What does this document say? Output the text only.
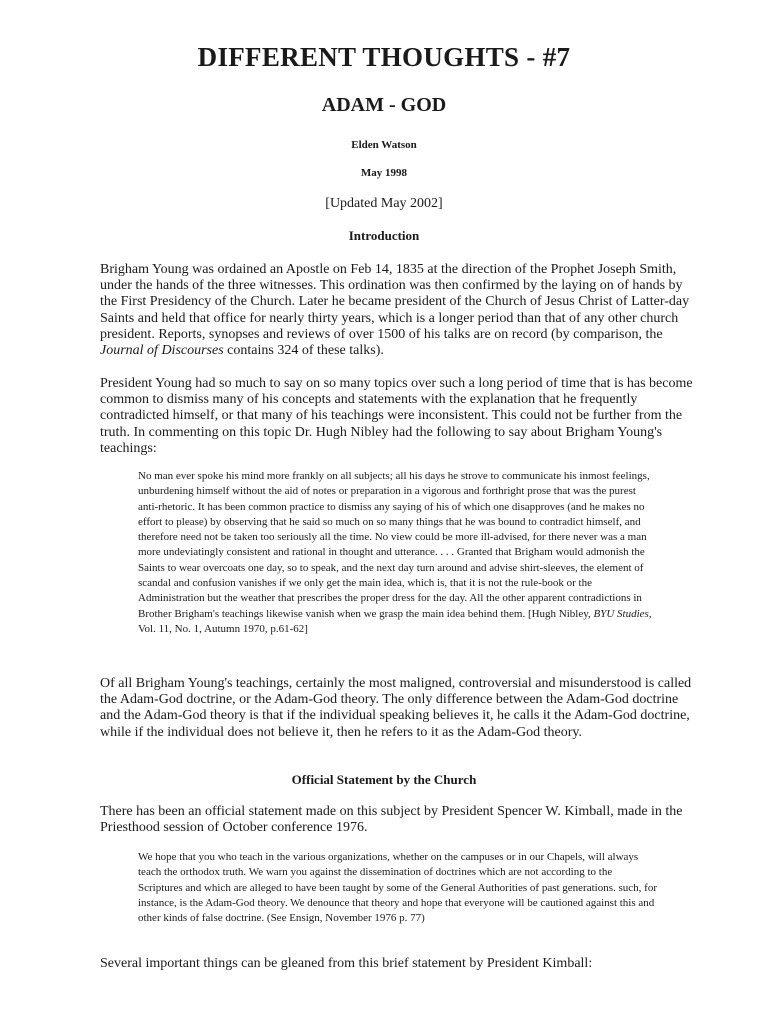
DIFFERENT THOUGHTS - #7
ADAM - GOD
Elden Watson
May 1998
[Updated May 2002]
Introduction

Brigham Young was ordained an Apostle on Feb 14, 1835 at the direction of the Prophet Joseph Smith, under the hands of the three witnesses. This ordination was then confirmed by the laying on of hands by the First Presidency of the Church. Later he became president of the Church of Jesus Christ of Latter-day Saints and held that office for nearly thirty years, which is a longer period than that of any other church president. Reports, synopses and reviews of over 1500 of his talks are on record (by comparison, the Journal of Discourses contains 324 of these talks).

President Young had so much to say on so many topics over such a long period of time that is has become common to dismiss many of his concepts and statements with the explanation that he frequently contradicted himself, or that many of his teachings were inconsistent. This could not be further from the truth. In commenting on this topic Dr. Hugh Nibley had the following to say about Brigham Young's teachings:

No man ever spoke his mind more frankly on all subjects; all his days he strove to communicate his inmost feelings, unburdening himself without the aid of notes or preparation in a vigorous and forthright prose that was the purest anti-rhetoric. It has been common practice to dismiss any saying of his of which one disapproves (and he makes no effort to please) by observing that he said so much on so many things that he was bound to contradict himself, and therefore need not be taken too seriously all the time. No view could be more ill-advised, for there never was a man more undeviatingly consistent and rational in thought and utterance. . . . Granted that Brigham would admonish the Saints to wear overcoats one day, so to speak, and the next day turn around and advise shirt-sleeves, the element of scandal and confusion vanishes if we only get the main idea, which is, that it is not the rule-book or the Administration but the weather that prescribes the proper dress for the day. All the other apparent contradictions in Brother Brigham's teachings likewise vanish when we grasp the main idea behind them. [Hugh Nibley, BYU Studies, Vol. 11, No. 1, Autumn 1970, p.61-62]

Of all Brigham Young's teachings, certainly the most maligned, controversial and misunderstood is called the Adam-God doctrine, or the Adam-God theory. The only difference between the Adam-God doctrine and the Adam-God theory is that if the individual speaking believes it, he calls it the Adam-God doctrine, while if the individual does not believe it, then he refers to it as the Adam-God theory.

Official Statement by the Church

There has been an official statement made on this subject by President Spencer W. Kimball, made in the Priesthood session of October conference 1976.

We hope that you who teach in the various organizations, whether on the campuses or in our Chapels, will always teach the orthodox truth. We warn you against the dissemination of doctrines which are not according to the Scriptures and which are alleged to have been taught by some of the General Authorities of past generations. such, for instance, is the Adam-God theory. We denounce that theory and hope that everyone will be cautioned against this and other kinds of false doctrine. (See Ensign, November 1976 p. 77)

Several important things can be gleaned from this brief statement by President Kimball:
